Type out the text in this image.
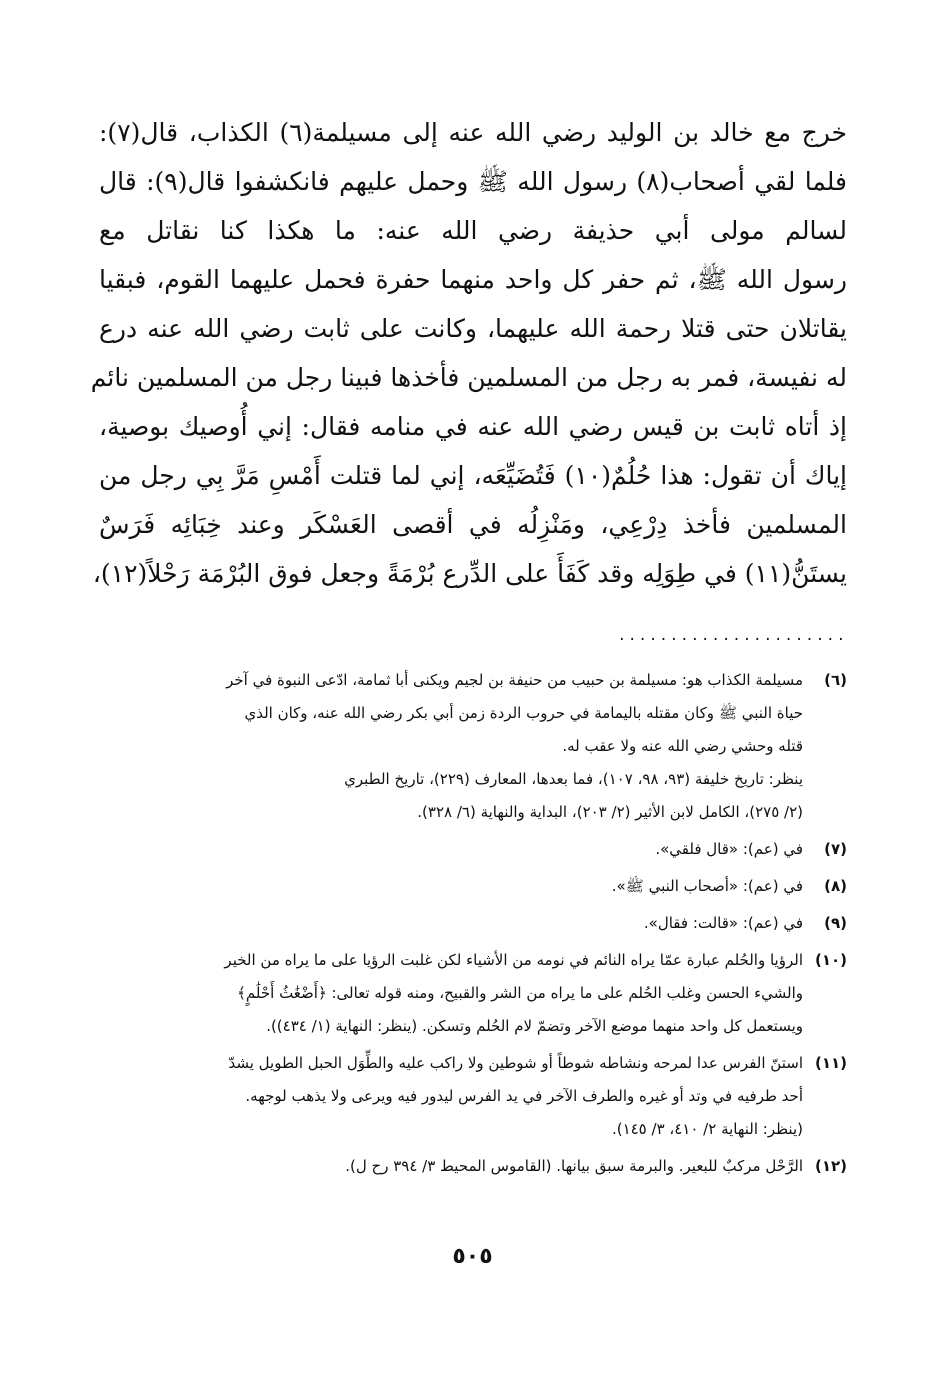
خرج مع خالد بن الوليد رضي الله عنه إلى مسيلمة(٦) الكذاب، قال(٧):
فلما لقي أصحاب(٨) رسول الله ﷺ وحمل عليهم فانكشفوا قال(٩): قال
لسالم مولى أبي حذيفة رضي الله عنه: ما هكذا كنا نقاتل مع
رسول الله ﷺ، ثم حفر كل واحد منهما حفرة فحمل عليهما القوم، فبقيا
يقاتلان حتى قتلا رحمة الله عليهما، وكانت على ثابت رضي الله عنه درع
له نفيسة، فمر به رجل من المسلمين فأخذها فبينا رجل من المسلمين نائم
إذ أتاه ثابت بن قيس رضي الله عنه في منامه فقال: إني أُوصيك بوصية،
إياك أن تقول: هذا حُلُمٌ(١٠) فَتُضَيِّعَه، إني لما قتلت أَمْسِ مَرَّ بِي رجل من
المسلمين فأخذ دِرْعِي، ومَنْزِلُه في أقصى العَسْكَر وعند خِبَائِه فَرَسٌ
يستَنُّ(١١) في طِوَلِه وقد كَفَأَ على الدِّرع بُرْمَةً وجعل فوق البُرْمَة رَحْلاً(١٢)،
......................
(٦)
مسيلمة الكذاب هو: مسيلمة بن حبيب من حنيفة بن لجيم ويكنى أبا ثمامة، ادّعى النبوة في آخر
حياة النبي ﷺ وكان مقتله باليمامة في حروب الردة زمن أبي بكر رضي الله عنه، وكان الذي
قتله وحشي رضي الله عنه ولا عقب له.
ينظر: تاريخ خليفة (٩٣، ٩٨، ١٠٧)، فما بعدها، المعارف (٢٢٩)، تاريخ الطبري
(٢/ ٢٧٥)، الكامل لابن الأثير (٢/ ٢٠٣)، البداية والنهاية (٦/ ٣٢٨).
(٧)
في (عم): «قال فلقي».
(٨)
في (عم): «أصحاب النبي ﷺ».
(٩)
في (عم): «قالت: فقال».
(١٠)
الرؤيا والحُلم عبارة عمّا يراه النائم في نومه من الأشياء لكن غلبت الرؤيا على ما يراه من الخير
والشيء الحسن وغلب الحُلم على ما يراه من الشر والقبيح، ومنه قوله تعالى: ﴿أَضْغَٰثُ أَحْلَٰمٍ﴾
ويستعمل كل واحد منهما موضع الآخر وتضمّ لام الحُلم وتسكن. (ينظر: النهاية (١/ ٤٣٤)).
(١١)
استنّ الفرس عدا لمرحه ونشاطه شوطاً أو شوطين ولا راكب عليه والطِّوَل الحبل الطويل يشدّ
أحد طرفيه في وتد أو غيره والطرف الآخر في يد الفرس ليدور فيه ويرعى ولا يذهب لوجهه.
(ينظر: النهاية ٢/ ٤١٠، ٣/ ١٤٥).
(١٢)
الرَّحْل مركبٌ للبعير. والبرمة سبق بيانها. (القاموس المحيط ٣/ ٣٩٤ رح ل).
٥٠٥
